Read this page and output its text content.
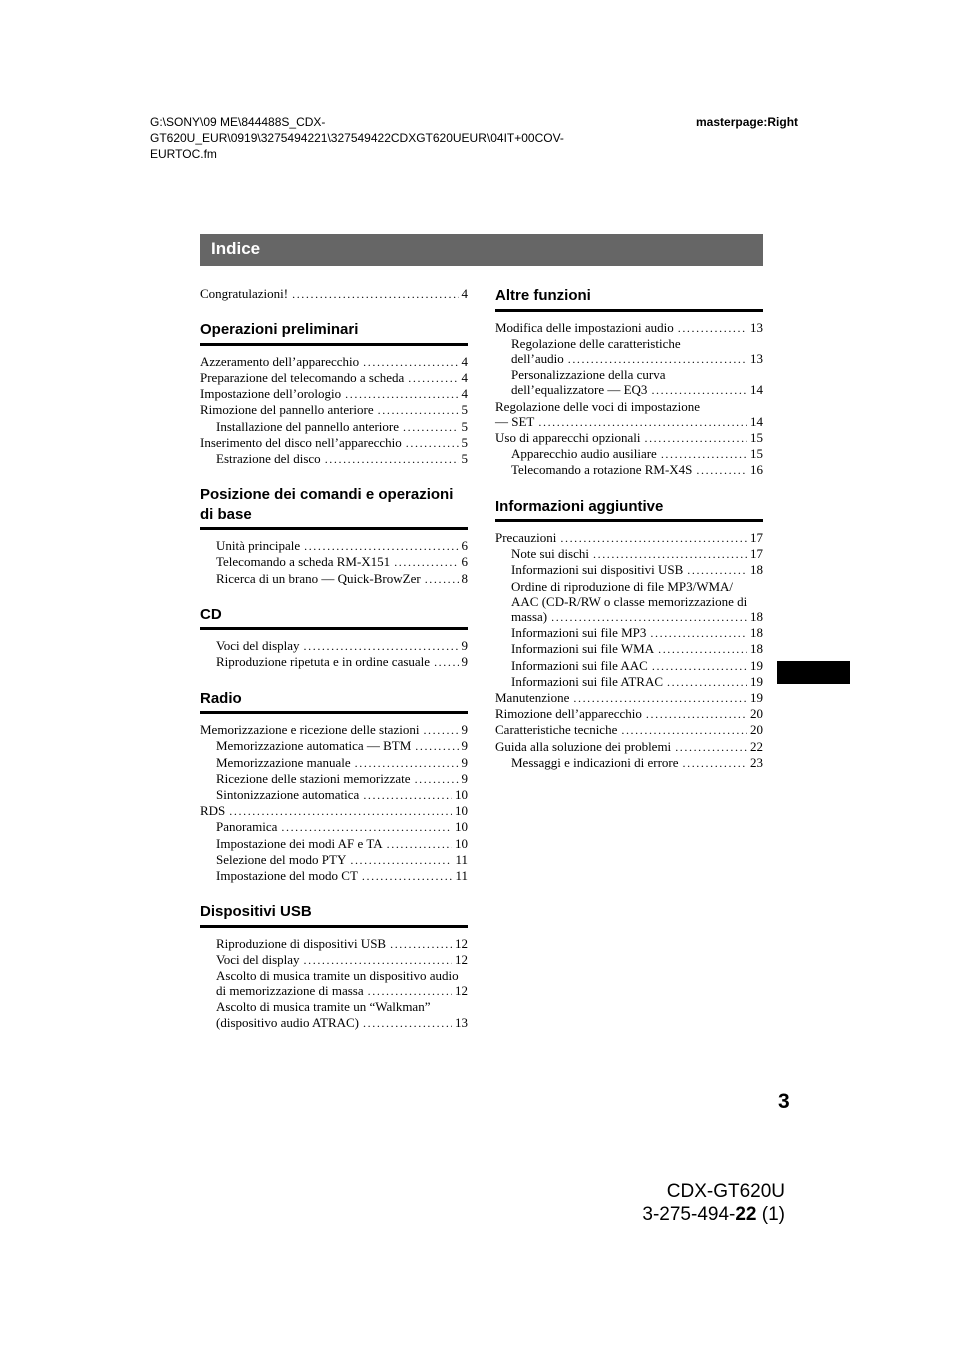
G:\SONY\09 ME\844488S_CDX-
GT620U_EUR\0919\3275494221\327549422CDXGT620UEUR\04IT+00COV-
EURTOC.fm
masterpage:Right
Indice
Congratulazioni! .....	4
Operazioni preliminari
Azzeramento dell’apparecchio .....	4
Preparazione del telecomando a scheda .....	4
Impostazione dell’orologio .....	4
Rimozione del pannello anteriore .....	5
Installazione del pannello anteriore .....	5
Inserimento del disco nell’apparecchio .....	5
Estrazione del disco .....	5
Posizione dei comandi e operazioni
di base
Unità principale .....	6
Telecomando a scheda RM-X151 .....	6
Ricerca di un brano — Quick-BrowZer .....	8
CD
Voci del display .....	9
Riproduzione ripetuta e in ordine casuale ..... 9
Radio
Memorizzazione e ricezione delle stazioni .....	9
Memorizzazione automatica — BTM .....	9
Memorizzazione manuale .....	9
Ricezione delle stazioni memorizzate .....	9
Sintonizzazione automatica .....	10
RDS .....	10
Panoramica .....	10
Impostazione dei modi AF e TA .....	10
Selezione del modo PTY .....	11
Impostazione del modo CT .....	11
Dispositivi USB
Riproduzione di dispositivi USB .....	12
Voci del display .....	12
Ascolto di musica tramite un dispositivo audio
di memorizzazione di massa .....	12
Ascolto di musica tramite un “Walkman”
(dispositivo audio ATRAC) .....	13
Altre funzioni
Modifica delle impostazioni audio .....	13
Regolazione delle caratteristiche
dell’audio .....	13
Personalizzazione della curva
dell’equalizzatore — EQ3 .....	14
Regolazione delle voci di impostazione
— SET .....	14
Uso di apparecchi opzionali .....	15
Apparecchio audio ausiliare .....	15
Telecomando a rotazione RM-X4S .....	16
Informazioni aggiuntive
Precauzioni .....	17
Note sui dischi .....	17
Informazioni sui dispositivi USB .....	18
Ordine di riproduzione di file MP3/WMA/
AAC (CD-R/RW o classe memorizzazione di
massa) .....	18
Informazioni sui file MP3 .....	18
Informazioni sui file WMA .....	18
Informazioni sui file AAC .....	19
Informazioni sui file ATRAC .....	19
Manutenzione .....	19
Rimozione dell’apparecchio .....	20
Caratteristiche tecniche .....	20
Guida alla soluzione dei problemi .....	22
Messaggi e indicazioni di errore .....	23
3
CDX-GT620U
3-275-494-22 (1)
